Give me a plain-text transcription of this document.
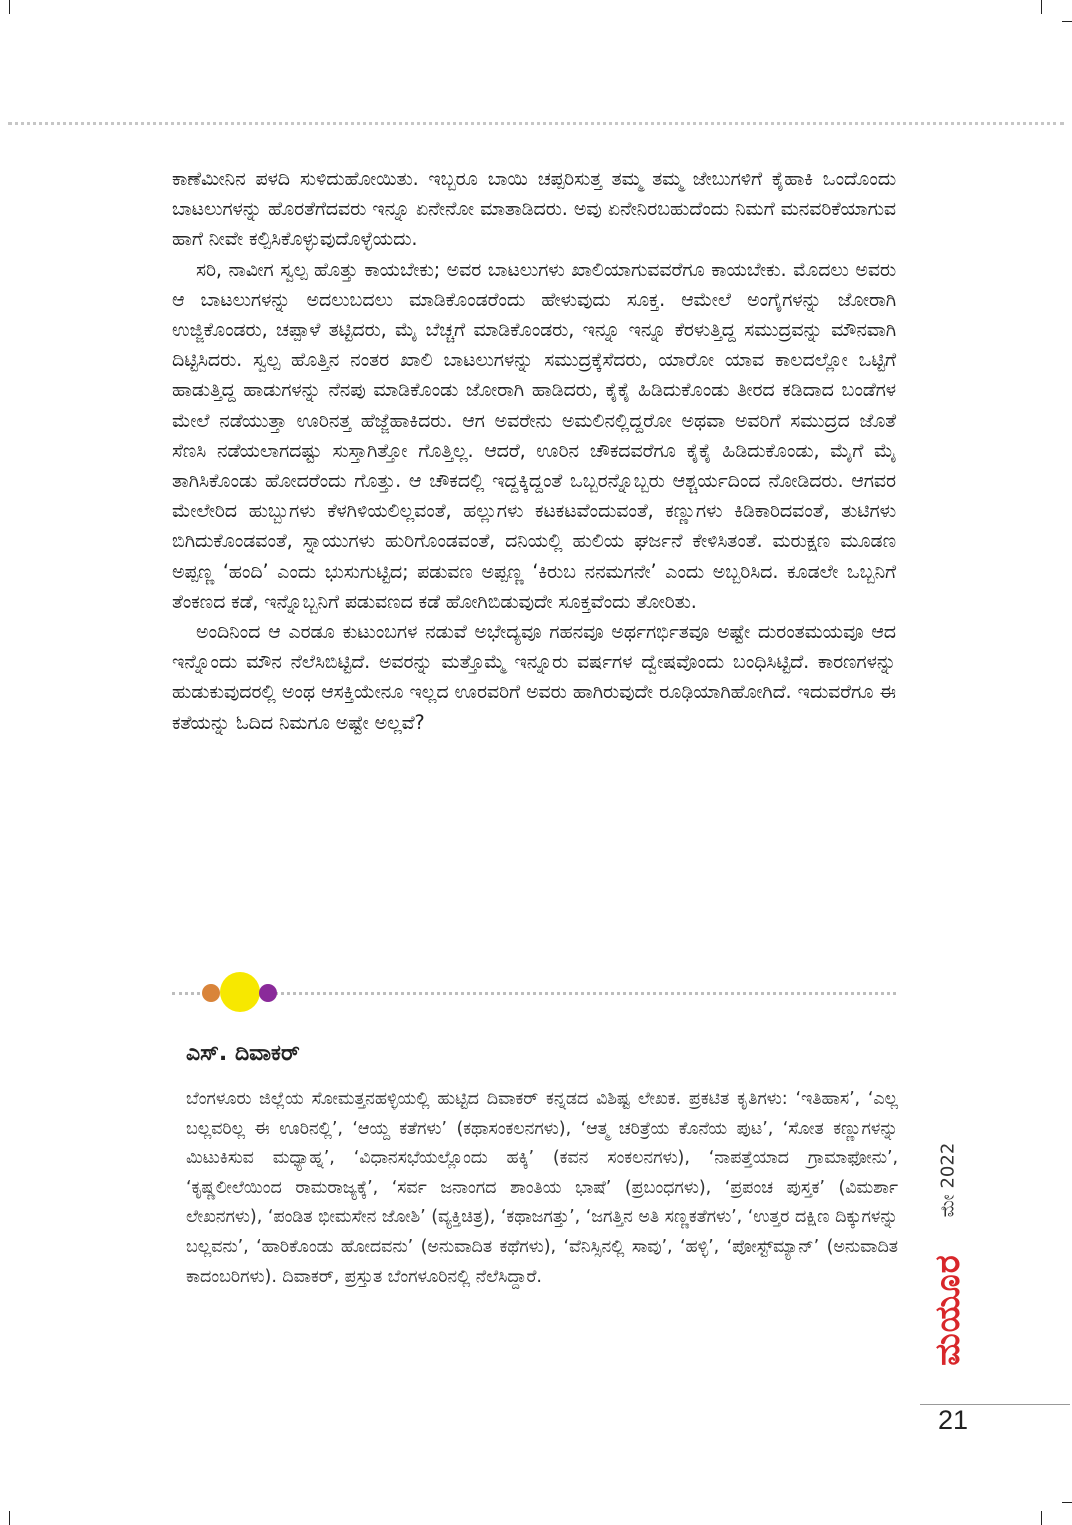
ಕಾಣೆಮೀನಿನ ಪಳದಿ ಸುಳಿದುಹೋಯಿತು. ಇಬ್ಬರೂ ಬಾಯಿ ಚಪ್ಪರಿಸುತ್ತ ತಮ್ಮ ತಮ್ಮ ಜೇಬುಗಳಿಗೆ ಕೈಹಾಕಿ ಒಂದೊಂದು ಬಾಟಲುಗಳನ್ನು ಹೊರತೆಗೆದವರು ಇನ್ನೂ ಏನೇನೋ ಮಾತಾಡಿದರು. ಅವು ಏನೇನಿರಬಹುದೆಂದು ನಿಮಗೆ ಮನವರಿಕೆಯಾಗುವ ಹಾಗೆ ನೀವೇ ಕಲ್ಪಿಸಿಕೊಳ್ಳುವುದೊಳ್ಳೆಯದು.

ಸರಿ, ನಾವೀಗ ಸ್ವಲ್ಪ ಹೊತ್ತು ಕಾಯಬೇಕು; ಅವರ ಬಾಟಲುಗಳು ಖಾಲಿಯಾಗುವವರೆಗೂ ಕಾಯಬೇಕು. ಮೊದಲು ಅವರು ಆ ಬಾಟಲುಗಳನ್ನು ಅದಲುಬದಲು ಮಾಡಿಕೊಂಡರೆಂದು ಹೇಳುವುದು ಸೂಕ್ತ. ಆಮೇಲೆ ಅಂಗೈಗಳನ್ನು ಜೋರಾಗಿ ಉಜ್ಜಿಕೊಂಡರು, ಚಪ್ಪಾಳೆ ತಟ್ಟಿದರು, ಮೈ ಬೆಚ್ಚಗೆ ಮಾಡಿಕೊಂಡರು, ಇನ್ನೂ ಇನ್ನೂ ಕೆರಳುತ್ತಿದ್ದ ಸಮುದ್ರವನ್ನು ಮೌನವಾಗಿ ದಿಟ್ಟಿಸಿದರು. ಸ್ವಲ್ಪ ಹೊತ್ತಿನ ನಂತರ ಖಾಲಿ ಬಾಟಲುಗಳನ್ನು ಸಮುದ್ರಕ್ಕೆಸೆದರು, ಯಾರೋ ಯಾವ ಕಾಲದಲ್ಲೋ ಒಟ್ಟಿಗೆ ಹಾಡುತ್ತಿದ್ದ ಹಾಡುಗಳನ್ನು ನೆನಪು ಮಾಡಿಕೊಂಡು ಜೋರಾಗಿ ಹಾಡಿದರು, ಕೈಕೈ ಹಿಡಿದುಕೊಂಡು ತೀರದ ಕಡಿದಾದ ಬಂಡೆಗಳ ಮೇಲೆ ನಡೆಯುತ್ತಾ ಊರಿನತ್ತ ಹೆಜ್ಜೆಹಾಕಿದರು. ಆಗ ಅವರೇನು ಅಮಲಿನಲ್ಲಿದ್ದರೋ ಅಥವಾ ಅವರಿಗೆ ಸಮುದ್ರದ ಜೊತೆ ಸೆಣಸಿ ನಡೆಯಲಾಗದಷ್ಟು ಸುಸ್ತಾಗಿತ್ತೋ ಗೊತ್ತಿಲ್ಲ. ಆದರೆ, ಊರಿನ ಚೌಕದವರೆಗೂ ಕೈಕೈ ಹಿಡಿದುಕೊಂಡು, ಮೈಗೆ ಮೈ ತಾಗಿಸಿಕೊಂಡು ಹೋದರೆಂದು ಗೊತ್ತು. ಆ ಚೌಕದಲ್ಲಿ ಇದ್ದಕ್ಕಿದ್ದಂತೆ ಒಬ್ಬರನ್ನೊಬ್ಬರು ಆಶ್ಚರ್ಯದಿಂದ ನೋಡಿದರು. ಆಗವರ ಮೇಲೇರಿದ ಹುಬ್ಬುಗಳು ಕೆಳಗಿಳಿಯಲಿಲ್ಲವಂತೆ, ಹಲ್ಲುಗಳು ಕಟಕಟವೆಂದುವಂತೆ, ಕಣ್ಣುಗಳು ಕಿಡಿಕಾರಿದವಂತೆ, ತುಟಿಗಳು ಬಿಗಿದುಕೊಂಡವಂತೆ, ಸ್ನಾಯುಗಳು ಹುರಿಗೊಂಡವಂತೆ, ದನಿಯಲ್ಲಿ ಹುಲಿಯ ಘರ್ಜನೆ ಕೇಳಿಸಿತಂತೆ. ಮರುಕ್ಷಣ ಮೂಡಣ ಅಪ್ಪಣ್ಣ ‘ಹಂದಿ’ ಎಂದು ಭುಸುಗುಟ್ಟಿದ; ಪಡುವಣ ಅಪ್ಪಣ್ಣ ‘ಕಿರುಬ ನನಮಗನೇ’ ಎಂದು ಅಬ್ಬರಿಸಿದ. ಕೂಡಲೇ ಒಬ್ಬನಿಗೆ ತೆಂಕಣದ ಕಡೆ, ಇನ್ನೊಬ್ಬನಿಗೆ ಪಡುವಣದ ಕಡೆ ಹೋಗಿಬಿಡುವುದೇ ಸೂಕ್ತವೆಂದು ತೋರಿತು.

ಅಂದಿನಿಂದ ಆ ಎರಡೂ ಕುಟುಂಬಗಳ ನಡುವೆ ಅಭೇದ್ಯವೂ ಗಹನವೂ ಅರ್ಥಗರ್ಭಿತವೂ ಅಷ್ಟೇ ದುರಂತಮಯವೂ ಆದ ಇನ್ನೊಂದು ಮೌನ ನೆಲೆಸಿಬಿಟ್ಟಿದೆ. ಅವರನ್ನು ಮತ್ತೊಮ್ಮೆ ಇನ್ನೂರು ವರ್ಷಗಳ ದ್ವೇಷವೊಂದು ಬಂಧಿಸಿಟ್ಟಿದೆ. ಕಾರಣಗಳನ್ನು ಹುಡುಕುವುದರಲ್ಲಿ ಅಂಥ ಆಸಕ್ತಿಯೇನೂ ಇಲ್ಲದ ಊರವರಿಗೆ ಅವರು ಹಾಗಿರುವುದೇ ರೂಢಿಯಾಗಿಹೋಗಿದೆ. ಇದುವರೆಗೂ ಈ ಕತೆಯನ್ನು ಓದಿದ ನಿಮಗೂ ಅಷ್ಟೇ ಅಲ್ಲವೆ?

ಎಸ್. ದಿವಾಕರ್
ಬೆಂಗಳೂರು ಜಿಲ್ಲೆಯ ಸೋಮತ್ತನಹಳ್ಳಿಯಲ್ಲಿ ಹುಟ್ಟಿದ ದಿವಾಕರ್ ಕನ್ನಡದ ವಿಶಿಷ್ಟ ಲೇಖಕ. ಪ್ರಕಟಿತ ಕೃತಿಗಳು: ‘ಇತಿಹಾಸ’, ‘ಎಲ್ಲ ಬಲ್ಲವರಿಲ್ಲ ಈ ಊರಿನಲ್ಲಿ’, ‘ಆಯ್ದ ಕತೆಗಳು’ (ಕಥಾಸಂಕಲನಗಳು), ‘ಆತ್ಮ ಚರಿತ್ರೆಯ ಕೊನೆಯ ಪುಟ’, ‘ಸೋತ ಕಣ್ಣುಗಳನ್ನು ಮಿಟುಕಿಸುವ ಮಧ್ಯಾಹ್ನ’, ‘ವಿಧಾನಸಭೆಯಲ್ಲೊಂದು ಹಕ್ಕಿ’ (ಕವನ ಸಂಕಲನಗಳು), ‘ನಾಪತ್ತೆಯಾದ ಗ್ರಾಮಾಫೋನು’, ‘ಕೃಷ್ಣಲೀಲೆಯಿಂದ ರಾಮರಾಜ್ಯಕ್ಕೆ’, ‘ಸರ್ವ ಜನಾಂಗದ ಶಾಂತಿಯ ಭಾಷೆ’ (ಪ್ರಬಂಧಗಳು), ‘ಪ್ರಪಂಚ ಪುಸ್ತಕ’ (ವಿಮರ್ಶಾ ಲೇಖನಗಳು), ‘ಪಂಡಿತ ಭೀಮಸೇನ ಜೋಶಿ’ (ವ್ಯಕ್ತಿಚಿತ್ರ), ‘ಕಥಾಜಗತ್ತು’, ‘ಜಗತ್ತಿನ ಅತಿ ಸಣ್ಣಕತೆಗಳು’, ‘ಉತ್ತರ ದಕ್ಷಿಣ ದಿಕ್ಕುಗಳನ್ನು ಬಲ್ಲವನು’, ‘ಹಾರಿಕೊಂಡು ಹೋದವನು’ (ಅನುವಾದಿತ ಕಥೆಗಳು), ‘ವೆನಿಸ್ಸಿನಲ್ಲಿ ಸಾವು’, ‘ಹಳ್ಳಿ’, ‘ಪೋಸ್ಟ್‌ಮ್ಯಾನ್’ (ಅನುವಾದಿತ ಕಾದಂಬರಿಗಳು). ದಿವಾಕರ್, ಪ್ರಸ್ತುತ ಬೆಂಗಳೂರಿನಲ್ಲಿ ನೆಲೆಸಿದ್ದಾರೆ.
ಮೇ 2022
ಮಯೂರ
21
